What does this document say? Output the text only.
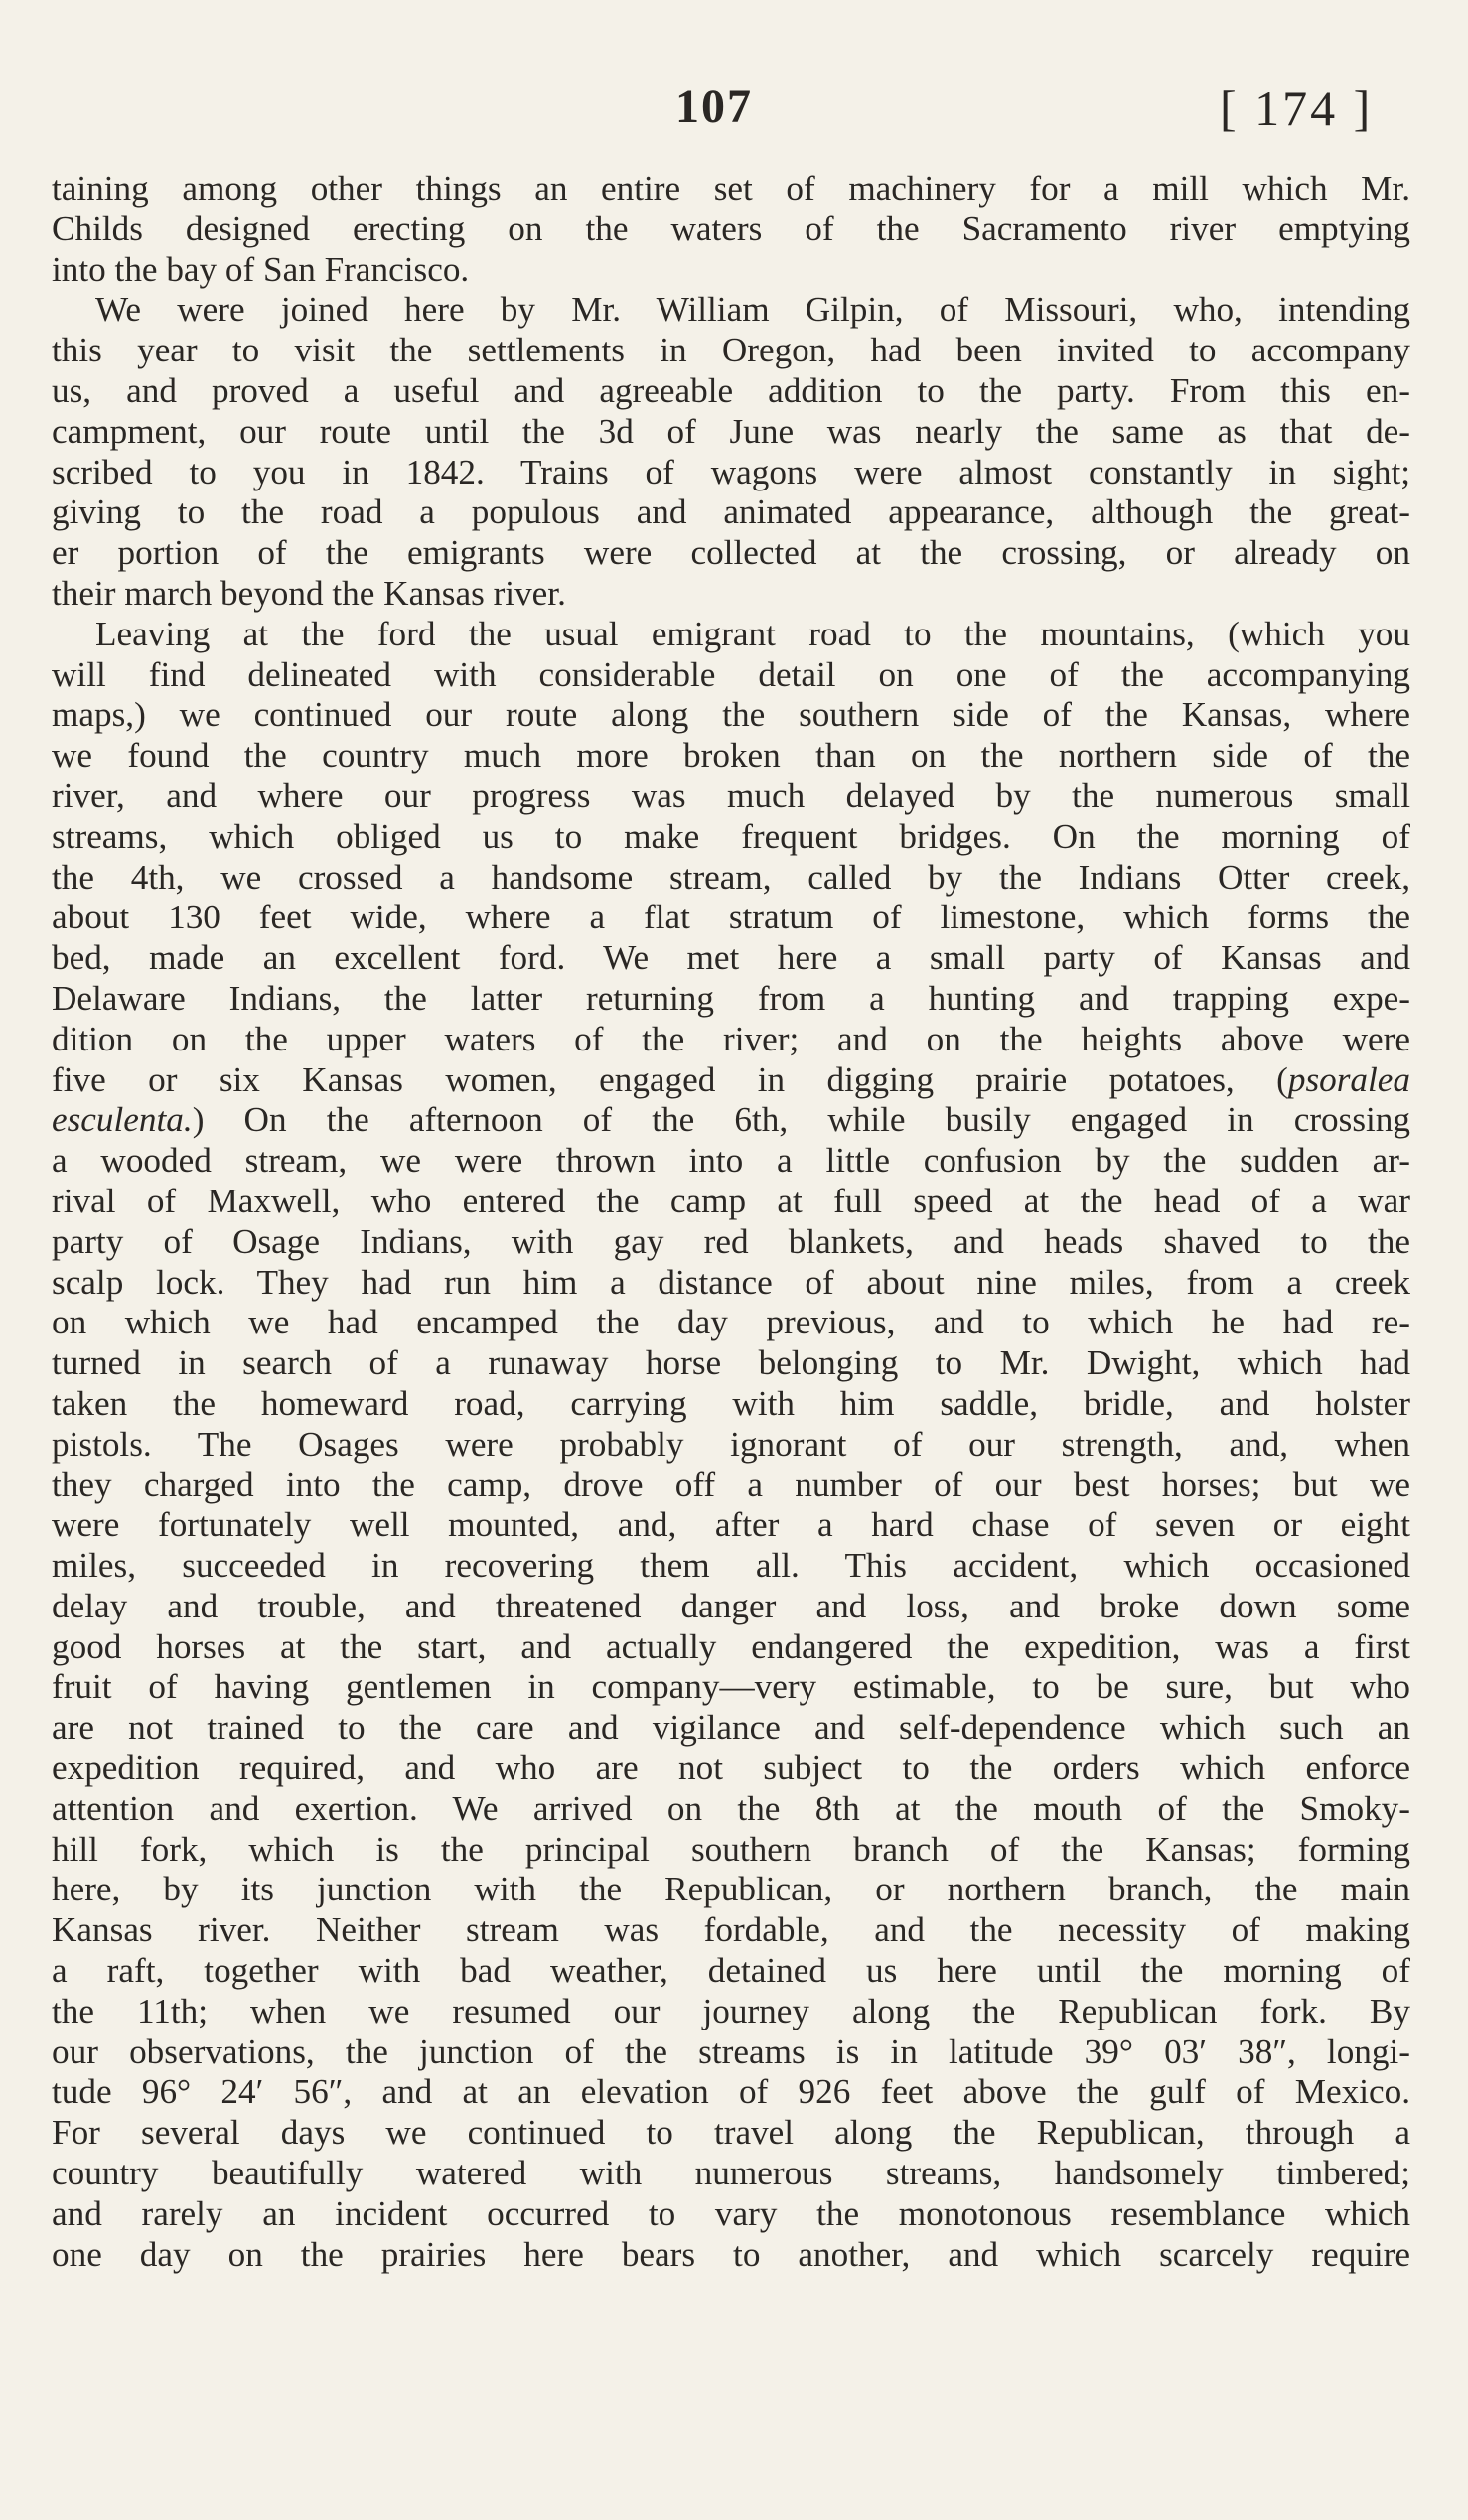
107	[ 174 ]
taining among other things an entire set of machinery for a mill which Mr.
Childs designed erecting on the waters of the Sacramento river emptying
into the bay of San Francisco.
We were joined here by Mr. William Gilpin, of Missouri, who, intending
this year to visit the settlements in Oregon, had been invited to accompany
us, and proved a useful and agreeable addition to the party. From this en-
campment, our route until the 3d of June was nearly the same as that de-
scribed to you in 1842. Trains of wagons were almost constantly in sight;
giving to the road a populous and animated appearance, although the great-
er portion of the emigrants were collected at the crossing, or already on
their march beyond the Kansas river.
Leaving at the ford the usual emigrant road to the mountains, (which you
will find delineated with considerable detail on one of the accompanying
maps,) we continued our route along the southern side of the Kansas, where
we found the country much more broken than on the northern side of the
river, and where our progress was much delayed by the numerous small
streams, which obliged us to make frequent bridges. On the morning of
the 4th, we crossed a handsome stream, called by the Indians Otter creek,
about 130 feet wide, where a flat stratum of limestone, which forms the
bed, made an excellent ford. We met here a small party of Kansas and
Delaware Indians, the latter returning from a hunting and trapping expe-
dition on the upper waters of the river; and on the heights above were
five or six Kansas women, engaged in digging prairie potatoes, (psoralea
esculenta.) On the afternoon of the 6th, while busily engaged in crossing
a wooded stream, we were thrown into a little confusion by the sudden ar-
rival of Maxwell, who entered the camp at full speed at the head of a war
party of Osage Indians, with gay red blankets, and heads shaved to the
scalp lock. They had run him a distance of about nine miles, from a creek
on which we had encamped the day previous, and to which he had re-
turned in search of a runaway horse belonging to Mr. Dwight, which had
taken the homeward road, carrying with him saddle, bridle, and holster
pistols. The Osages were probably ignorant of our strength, and, when
they charged into the camp, drove off a number of our best horses; but we
were fortunately well mounted, and, after a hard chase of seven or eight
miles, succeeded in recovering them all. This accident, which occasioned
delay and trouble, and threatened danger and loss, and broke down some
good horses at the start, and actually endangered the expedition, was a first
fruit of having gentlemen in company—very estimable, to be sure, but who
are not trained to the care and vigilance and self-dependence which such an
expedition required, and who are not subject to the orders which enforce
attention and exertion. We arrived on the 8th at the mouth of the Smoky-
hill fork, which is the principal southern branch of the Kansas; forming
here, by its junction with the Republican, or northern branch, the main
Kansas river. Neither stream was fordable, and the necessity of making
a raft, together with bad weather, detained us here until the morning of
the 11th; when we resumed our journey along the Republican fork. By
our observations, the junction of the streams is in latitude 39° 03′ 38″, longi-
tude 96° 24′ 56″, and at an elevation of 926 feet above the gulf of Mexico.
For several days we continued to travel along the Republican, through a
country beautifully watered with numerous streams, handsomely timbered;
and rarely an incident occurred to vary the monotonous resemblance which
one day on the prairies here bears to another, and which scarcely require
